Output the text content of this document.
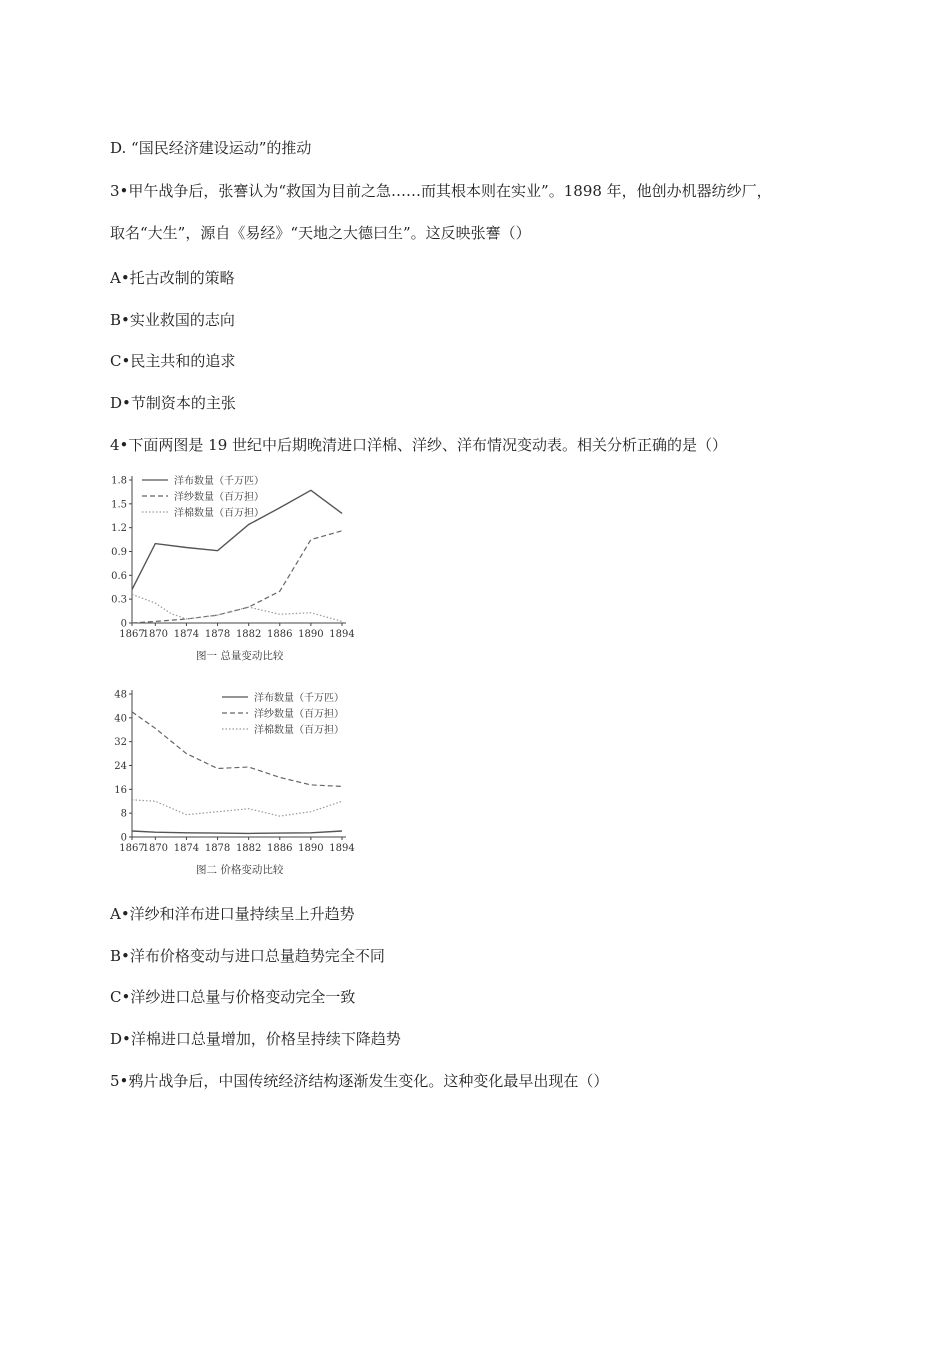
D. “国民经济建设运动”的推动
3•甲午战争后，张謇认为“救国为目前之急……而其根本则在实业”。1898 年，他创办机器纺纱厂，
取名“大生”，源自《易经》“天地之大德曰生”。这反映张謇（）
A•托古改制的策略
B•实业救国的志向
C•民主共和的追求
D•节制资本的主张
4•下面两图是 19 世纪中后期晚清进口洋棉、洋纱、洋布情况变动表。相关分析正确的是（）
0
0.3
0.6
0.9
1.2
1.5
1.8
1867
1870 1874 1878 1882 1886 1890 1894
洋布数量（千万匹）
洋纱数量（百万担）
洋棉数量（百万担）
图一 总量变动比较
0
8
16
24
32
40
48
1867
1870 1874 1878 1882 1886 1890 1894
洋布数量（千万匹）
洋纱数量（百万担）
洋棉数量（百万担）
图二 价格变动比较
A•洋纱和洋布进口量持续呈上升趋势
B•洋布价格变动与进口总量趋势完全不同
C•洋纱进口总量与价格变动完全一致
D•洋棉进口总量增加，价格呈持续下降趋势
5•鸦片战争后，中国传统经济结构逐渐发生变化。这种变化最早出现在（）
